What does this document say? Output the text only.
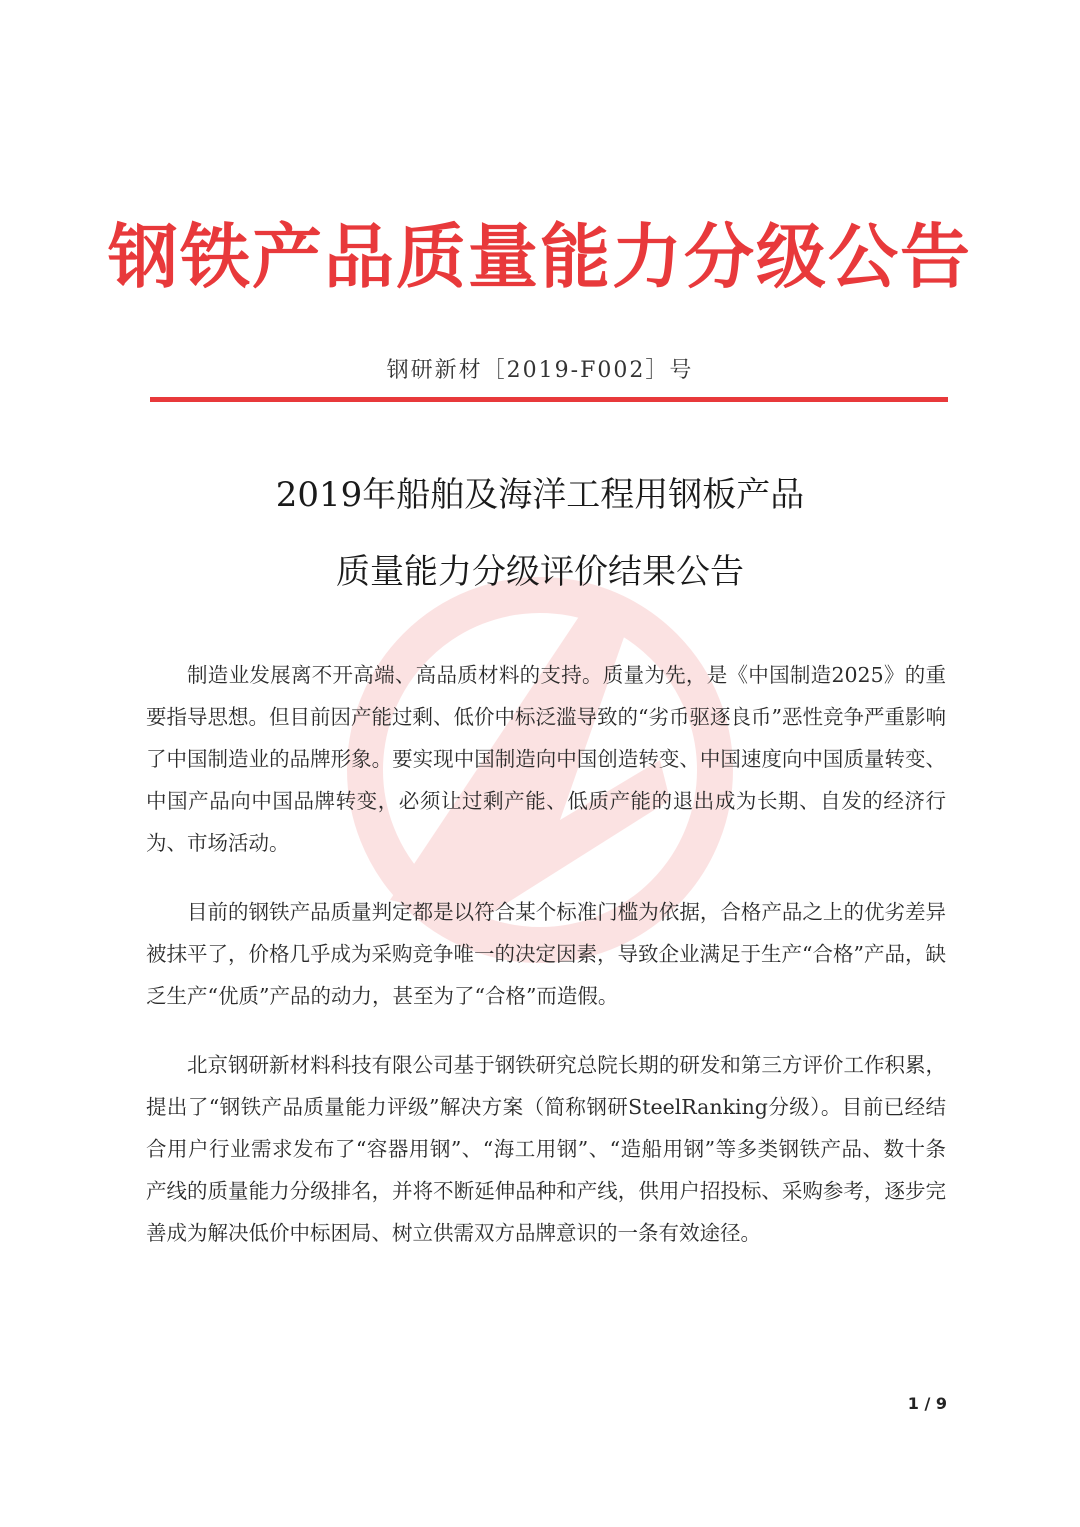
钢铁产品质量能力分级公告
钢研新材［2019-F002］号
2019年船舶及海洋工程用钢板产品
质量能力分级评价结果公告

制造业发展离不开高端、高品质材料的支持。质量为先，是《中国制造2025》的重要指导思想。但目前因产能过剩、低价中标泛滥导致的“劣币驱逐良币”恶性竞争严重影响了中国制造业的品牌形象。要实现中国制造向中国创造转变、中国速度向中国质量转变、中国产品向中国品牌转变，必须让过剩产能、低质产能的退出成为长期、自发的经济行为、市场活动。

目前的钢铁产品质量判定都是以符合某个标准门槛为依据，合格产品之上的优劣差异被抹平了，价格几乎成为采购竞争唯一的决定因素，导致企业满足于生产“合格”产品，缺乏生产“优质”产品的动力，甚至为了“合格”而造假。

北京钢研新材料科技有限公司基于钢铁研究总院长期的研发和第三方评价工作积累，提出了“钢铁产品质量能力评级”解决方案（简称钢研SteelRanking分级）。目前已经结合用户行业需求发布了“容器用钢”、“海工用钢”、“造船用钢”等多类钢铁产品、数十条产线的质量能力分级排名，并将不断延伸品种和产线，供用户招投标、采购参考，逐步完善成为解决低价中标困局、树立供需双方品牌意识的一条有效途径。

1 / 9
